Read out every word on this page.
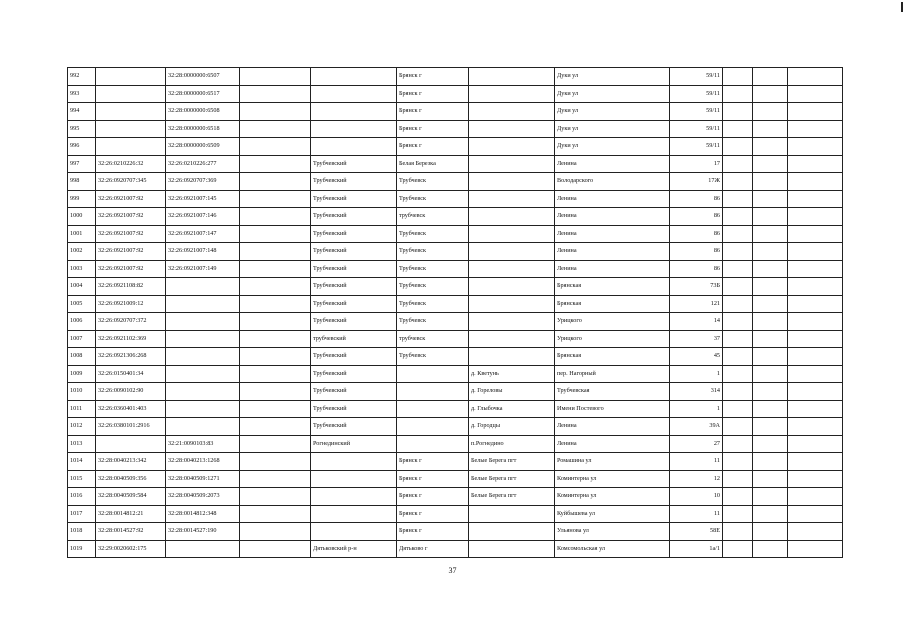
992		32:28:0000000:6507			Брянск г		Дуки ул	59/11			
993		32:28:0000000:6517			Брянск г		Дуки ул	59/11			
994		32:28:0000000:6508			Брянск г		Дуки ул	59/11			
995		32:28:0000000:6518			Брянск г		Дуки ул	59/11			
996		32:28:0000000:6509			Брянск г		Дуки ул	59/11			
997	32:26:0210226:32	32:26:0210226:277		Трубчевский	Белая Березка		Ленина	17			
998	32:26:0920707:345	32:26:0920707:369		Трубчевский	Трубчевск		Володарского	17Ж			
999	32:26:0921007:92	32:26:0921007:145		Трубчевский	Трубчевск		Ленина	86			
1000	32:26:0921007:92	32:26:0921007:146		Трубчевский	трубчевск		Ленина	86			
1001	32:26:0921007:92	32:26:0921007:147		Трубчевский	Трубчевск		Ленина	86			
1002	32:26:0921007:92	32:26:0921007:148		Трубчевский	Трубчевск		Ленина	86			
1003	32:26:0921007:92	32:26:0921007:149		Трубчевский	Трубчевск		Ленина	86			
1004	32:26:0921108:82			Трубчевский	Трубчевск		Брянская	73Б			
1005	32:26:0921009:12			Трубчевский	Трубчевск		Брянская	121			
1006	32:26:0920707:372			Трубчевский	Трубчевск		Урицкого	14			
1007	32:26:0921102:369			трубчевский	трубчевск		Урицкого	37			
1008	32:26:0921306:268			Трубчевский	Трубчевск		Брянская	45			
1009	32:26:0150401:34			Трубчевский		д. Кветунь	пер. Нагорный	1			
1010	32:26:0090102:90			Трубчевский		д. Гореловы	Трубчевская	314			
1011	32:26:0360401:403			Трубчевский		д. Глыбочка	Имени Постевого	1			
1012	32:26:0380101:2916			Трубчевский		д. Городцы	Ленина	39А			
1013		32:21:0090103:83		Рогнединский		п.Рогнедино	Ленина	27			
1014	32:28:0040213:342	32:28:0040213:1268			Брянск г	Белые Берега пгт	Ромашина ул	11			
1015	32:28:0040509:356	32:28:0040509:1271			Брянск г	Белые Берега пгт	Коминтерна ул	12			
1016	32:28:0040509:584	32:28:0040509:2073			Брянск г	Белые Берега пгт	Коминтерна ул	10			
1017	32:28:0014812:21	32:28:0014812:348			Брянск г		Куйбышева ул	11			
1018	32:28:0014527:92	32:28:0014527:190			Брянск г		Ульянова ул	58Е			
1019	32:29:0020602:175			Дятьковский р-н	Дятьково г		Комсомольская ул	1а/1			
37
